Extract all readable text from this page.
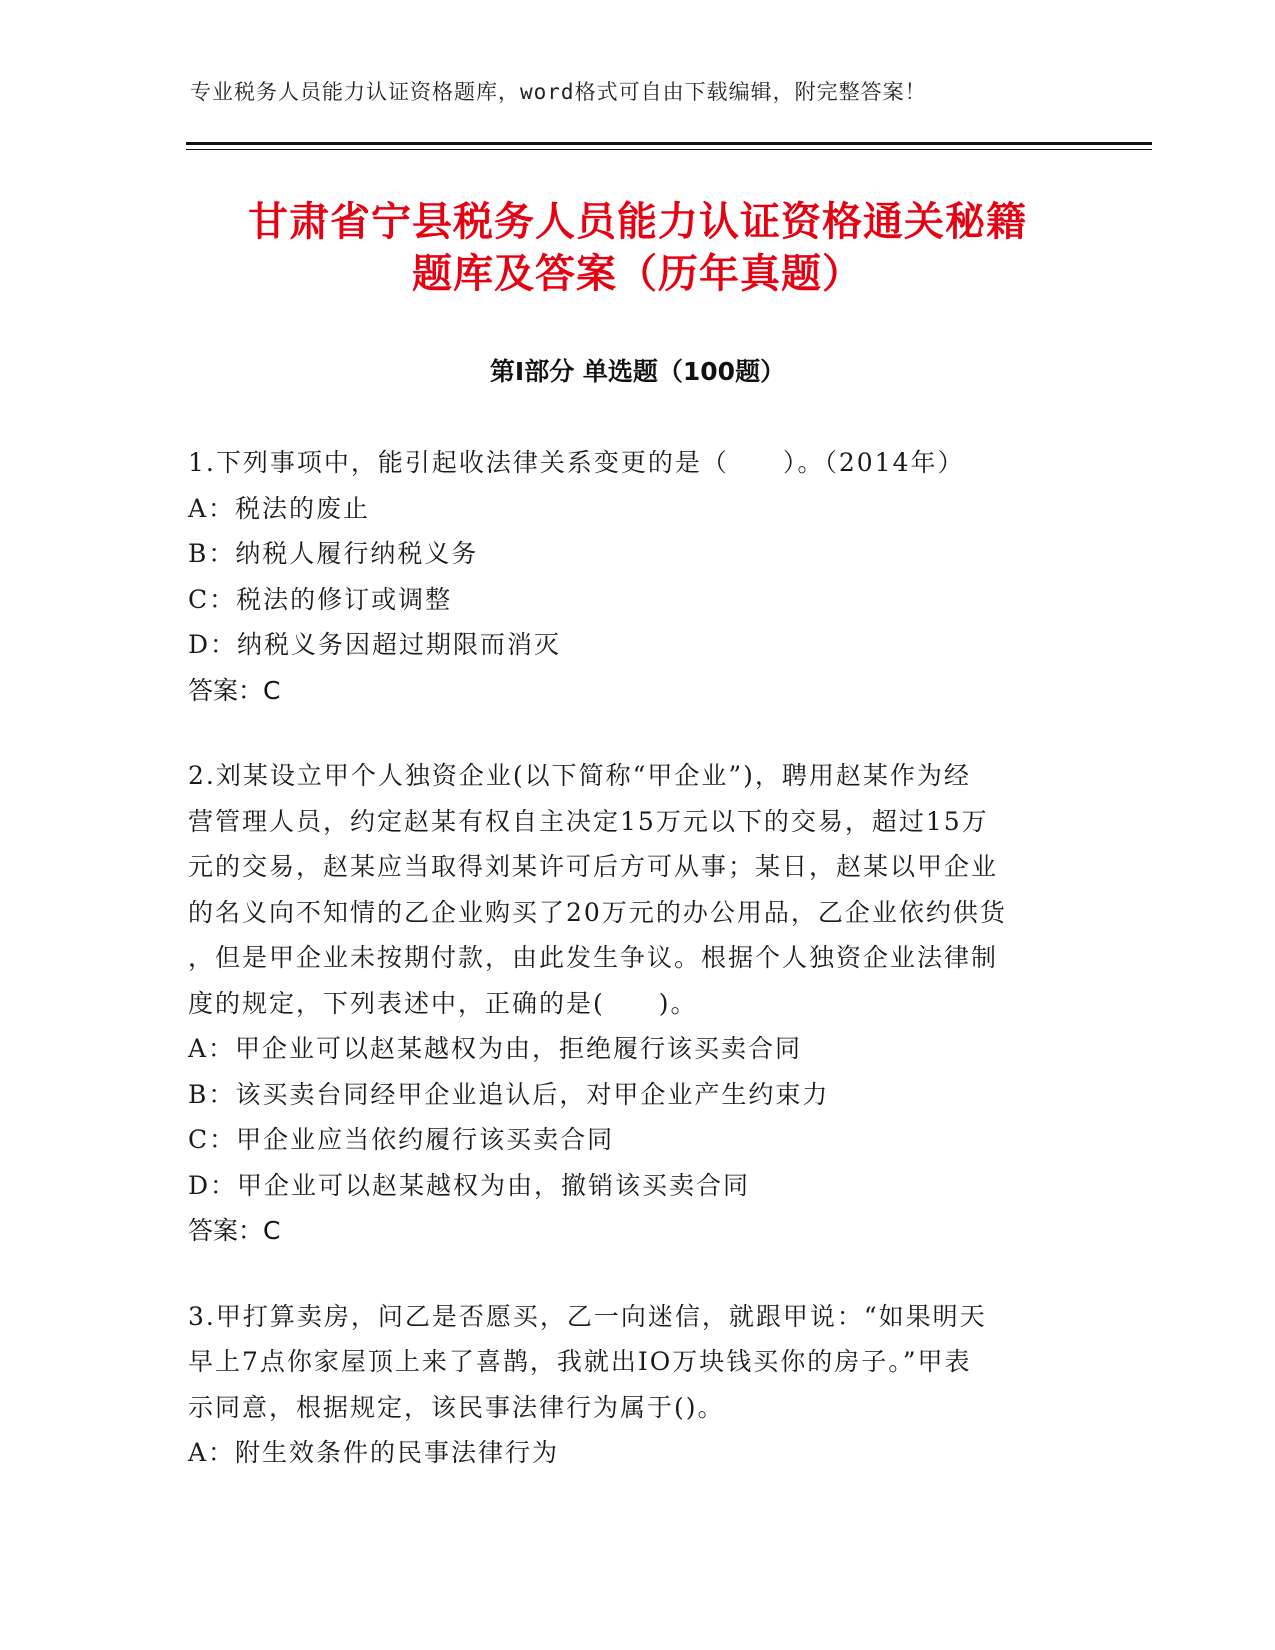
专业税务人员能力认证资格题库，word格式可自由下载编辑，附完整答案！
甘肃省宁县税务人员能力认证资格通关秘籍
题库及答案（历年真题）
第Ⅰ部分 单选题（100题）
1.下列事项中，能引起收法律关系变更的是（　　）。（2014年）
A：税法的废止
B：纳税人履行纳税义务
C：税法的修订或调整
D：纳税义务因超过期限而消灭
答案：C
2.刘某设立甲个人独资企业(以下简称“甲企业”)，聘用赵某作为经
营管理人员，约定赵某有权自主决定15万元以下的交易，超过15万
元的交易，赵某应当取得刘某许可后方可从事；某日，赵某以甲企业
的名义向不知情的乙企业购买了20万元的办公用品，乙企业依约供货
，但是甲企业未按期付款，由此发生争议。根据个人独资企业法律制
度的规定，下列表述中，正确的是(　　)。
A：甲企业可以赵某越权为由，拒绝履行该买卖合同
B：该买卖台同经甲企业追认后，对甲企业产生约束力
C：甲企业应当依约履行该买卖合同
D：甲企业可以赵某越权为由，撤销该买卖合同
答案：C
3.甲打算卖房，问乙是否愿买，乙一向迷信，就跟甲说：“如果明天
早上7点你家屋顶上来了喜鹊，我就出IO万块钱买你的房子。”甲表
示同意，根据规定，该民事法律行为属于()。
A：附生效条件的民事法律行为
